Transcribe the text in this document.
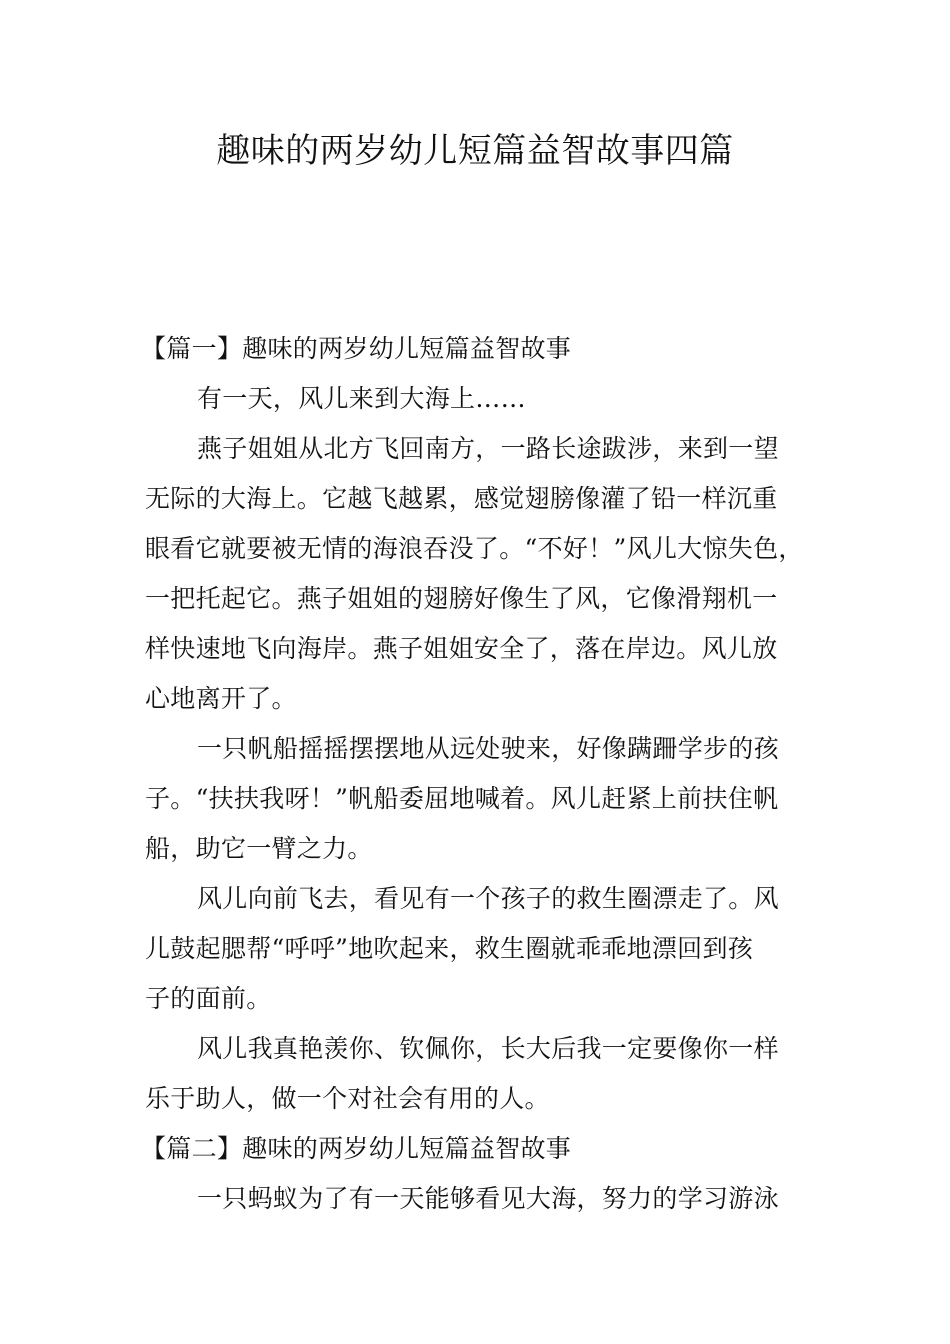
趣味的两岁幼儿短篇益智故事四篇
【篇一】趣味的两岁幼儿短篇益智故事
有一天，风儿来到大海上……
燕子姐姐从北方飞回南方，一路长途跋涉，来到一望
无际的大海上。它越飞越累，感觉翅膀像灌了铅一样沉重
眼看它就要被无情的海浪吞没了。“不好！”风儿大惊失色，
一把托起它。燕子姐姐的翅膀好像生了风，它像滑翔机一
样快速地飞向海岸。燕子姐姐安全了，落在岸边。风儿放
心地离开了。
一只帆船摇摇摆摆地从远处驶来，好像蹒跚学步的孩
子。“扶扶我呀！”帆船委屈地喊着。风儿赶紧上前扶住帆
船，助它一臂之力。
风儿向前飞去，看见有一个孩子的救生圈漂走了。风
儿鼓起腮帮“呼呼”地吹起来，救生圈就乖乖地漂回到孩
子的面前。
风儿我真艳羡你、钦佩你，长大后我一定要像你一样
乐于助人，做一个对社会有用的人。
【篇二】趣味的两岁幼儿短篇益智故事
一只蚂蚁为了有一天能够看见大海，努力的学习游泳
